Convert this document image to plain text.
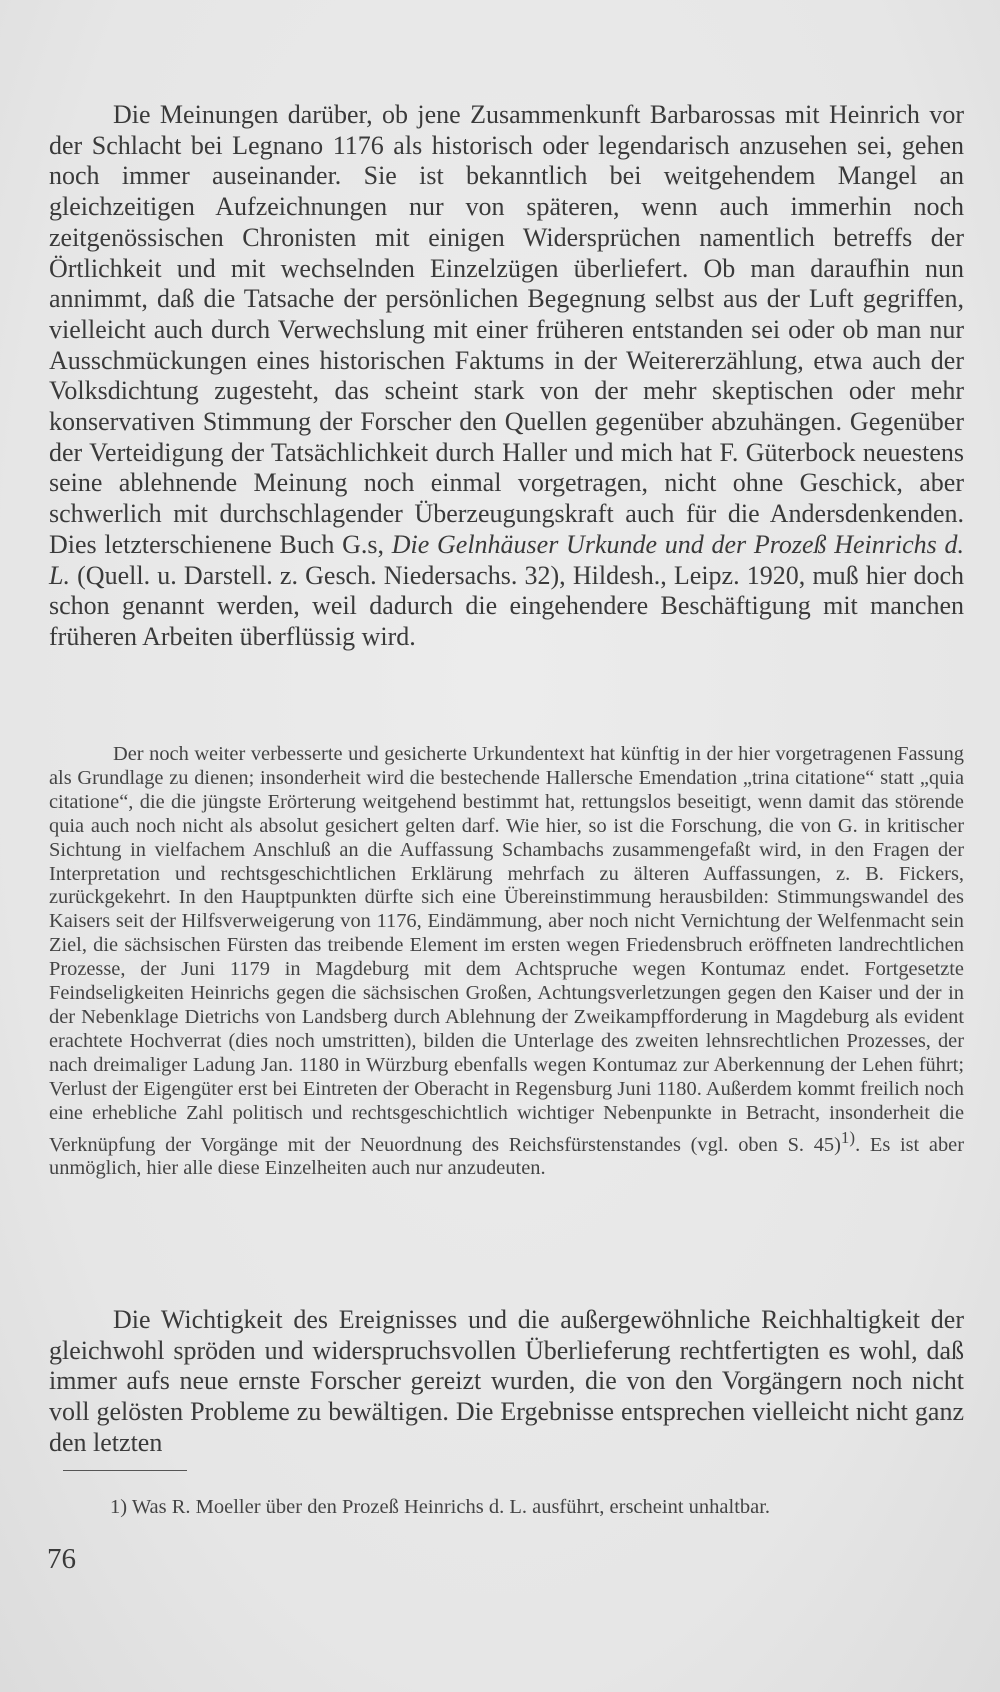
Die Meinungen darüber, ob jene Zusammenkunft Barbarossas mit Heinrich vor der Schlacht bei Legnano 1176 als historisch oder legendarisch anzusehen sei, gehen noch immer auseinander. Sie ist bekanntlich bei weitgehendem Mangel an gleichzeitigen Aufzeichnungen nur von späteren, wenn auch immerhin noch zeitgenössischen Chronisten mit einigen Widersprüchen namentlich betreffs der Örtlichkeit und mit wechselnden Einzelzügen überliefert. Ob man daraufhin nun annimmt, daß die Tatsache der persönlichen Begegnung selbst aus der Luft gegriffen, vielleicht auch durch Verwechslung mit einer früheren entstanden sei oder ob man nur Ausschmückungen eines historischen Faktums in der Weitererzählung, etwa auch der Volksdichtung zugesteht, das scheint stark von der mehr skeptischen oder mehr konservativen Stimmung der Forscher den Quellen gegenüber abzuhängen. Gegenüber der Verteidigung der Tatsächlichkeit durch Haller und mich hat F. Güterbock neuestens seine ablehnende Meinung noch einmal vorgetragen, nicht ohne Geschick, aber schwerlich mit durchschlagender Überzeugungskraft auch für die Andersdenkenden. Dies letzterschienene Buch G.s, Die Gelnhäuser Urkunde und der Prozeß Heinrichs d. L. (Quell. u. Darstell. z. Gesch. Niedersachs. 32), Hildesh., Leipz. 1920, muß hier doch schon genannt werden, weil dadurch die eingehendere Beschäftigung mit manchen früheren Arbeiten überflüssig wird.

Der noch weiter verbesserte und gesicherte Urkundentext hat künftig in der hier vorgetragenen Fassung als Grundlage zu dienen; insonderheit wird die bestechende Hallersche Emendation „trina citatione“ statt „quia citatione“, die die jüngste Erörterung weitgehend bestimmt hat, rettungslos beseitigt, wenn damit das störende quia auch noch nicht als absolut gesichert gelten darf. Wie hier, so ist die Forschung, die von G. in kritischer Sichtung in vielfachem Anschluß an die Auffassung Schambachs zusammengefaßt wird, in den Fragen der Interpretation und rechtsgeschichtlichen Erklärung mehrfach zu älteren Auffassungen, z. B. Fickers, zurückgekehrt. In den Hauptpunkten dürfte sich eine Übereinstimmung herausbilden: Stimmungswandel des Kaisers seit der Hilfsverweigerung von 1176, Eindämmung, aber noch nicht Vernichtung der Welfenmacht sein Ziel, die sächsischen Fürsten das treibende Element im ersten wegen Friedensbruch eröffneten landrechtlichen Prozesse, der Juni 1179 in Magdeburg mit dem Achtspruche wegen Kontumaz endet. Fortgesetzte Feindseligkeiten Heinrichs gegen die sächsischen Großen, Achtungsverletzungen gegen den Kaiser und der in der Nebenklage Dietrichs von Landsberg durch Ablehnung der Zweikampfforderung in Magdeburg als evident erachtete Hochverrat (dies noch umstritten), bilden die Unterlage des zweiten lehnsrechtlichen Prozesses, der nach dreimaliger Ladung Jan. 1180 in Würzburg ebenfalls wegen Kontumaz zur Aberkennung der Lehen führt; Verlust der Eigengüter erst bei Eintreten der Oberacht in Regensburg Juni 1180. Außerdem kommt freilich noch eine erhebliche Zahl politisch und rechtsgeschichtlich wichtiger Nebenpunkte in Betracht, insonderheit die Verknüpfung der Vorgänge mit der Neuordnung des Reichsfürstenstandes (vgl. oben S. 45)$^{1)}$. Es ist aber unmöglich, hier alle diese Einzelheiten auch nur anzudeuten.

Die Wichtigkeit des Ereignisses und die außergewöhnliche Reichhaltigkeit der gleichwohl spröden und widerspruchsvollen Überlieferung rechtfertigten es wohl, daß immer aufs neue ernste Forscher gereizt wurden, die von den Vorgängern noch nicht voll gelösten Probleme zu bewältigen. Die Ergebnisse entsprechen vielleicht nicht ganz den letzten

1) Was R. Moeller über den Prozeß Heinrichs d. L. ausführt, erscheint unhaltbar.
76
